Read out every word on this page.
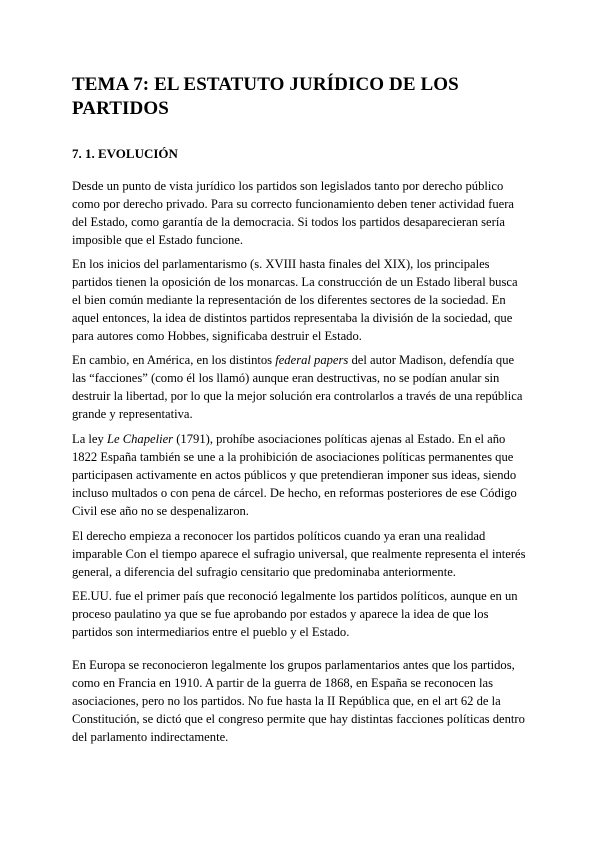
TEMA 7: EL ESTATUTO JURÍDICO DE LOS PARTIDOS
7. 1. EVOLUCIÓN

Desde un punto de vista jurídico los partidos son legislados tanto por derecho público como por derecho privado. Para su correcto funcionamiento deben tener actividad fuera del Estado, como garantía de la democracia. Si todos los partidos desaparecieran sería imposible que el Estado funcione.

En los inicios del parlamentarismo (s. XVIII hasta finales del XIX), los principales partidos tienen la oposición de los monarcas. La construcción de un Estado liberal busca el bien común mediante la representación de los diferentes sectores de la sociedad. En aquel entonces, la idea de distintos partidos representaba la división de la sociedad, que para autores como Hobbes, significaba destruir el Estado.

En cambio, en América, en los distintos federal papers del autor Madison, defendía que las “facciones” (como él los llamó) aunque eran destructivas, no se podían anular sin destruir la libertad, por lo que la mejor solución era controlarlos a través de una república grande y representativa.

La ley Le Chapelier (1791), prohíbe asociaciones políticas ajenas al Estado. En el año 1822 España también se une a la prohibición de asociaciones políticas permanentes que participasen activamente en actos públicos y que pretendieran imponer sus ideas, siendo incluso multados o con pena de cárcel. De hecho, en reformas posteriores de ese Código Civil ese año no se despenalizaron.

El derecho empieza a reconocer los partidos políticos cuando ya eran una realidad imparable Con el tiempo aparece el sufragio universal, que realmente representa el interés general, a diferencia del sufragio censitario que predominaba anteriormente.

EE.UU. fue el primer país que reconoció legalmente los partidos políticos, aunque en un proceso paulatino ya que se fue aprobando por estados y aparece la idea de que los partidos son intermediarios entre el pueblo y el Estado.

En Europa se reconocieron legalmente los grupos parlamentarios antes que los partidos, como en Francia en 1910. A partir de la guerra de 1868, en España se reconocen las asociaciones, pero no los partidos. No fue hasta la II República que, en el art 62 de la Constitución, se dictó que el congreso permite que hay distintas facciones políticas dentro del parlamento indirectamente.
